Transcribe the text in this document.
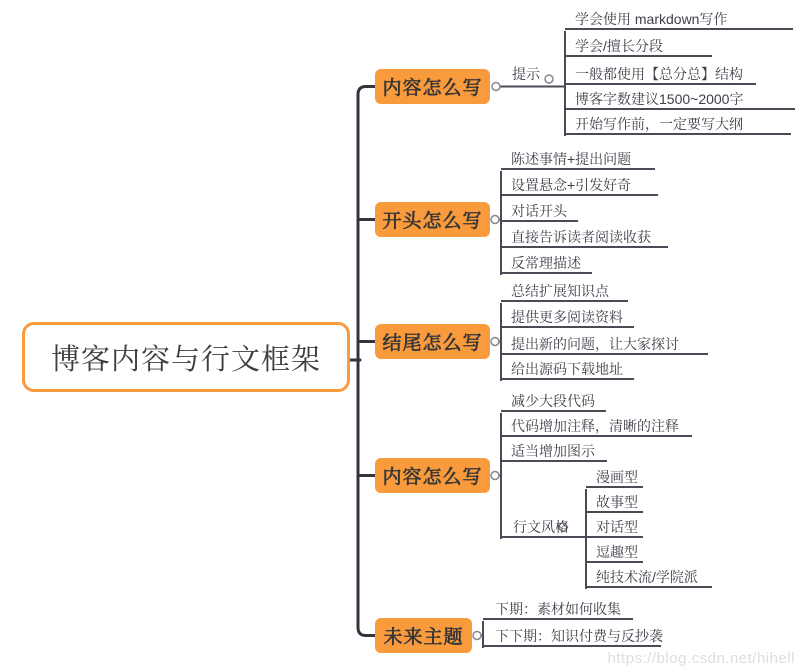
博客内容与行文框架
内容怎么写
开头怎么写
结尾怎么写
内容怎么写
未来主题
提示
学会使用 markdown写作
学会/擅长分段
一般都使用【总分总】结构
博客字数建议1500~2000字
开始写作前，一定要写大纲
陈述事情+提出问题
设置悬念+引发好奇
对话开头
直接告诉读者阅读收获
反常理描述
总结扩展知识点
提供更多阅读资料
提出新的问题，让大家探讨
给出源码下载地址
减少大段代码
代码增加注释，清晰的注释
适当增加图示
行文风格
漫画型
故事型
对话型
逗趣型
纯技术流/学院派
下期：素材如何收集
下下期：知识付费与反抄袭
https://blog.csdn.net/hihell
